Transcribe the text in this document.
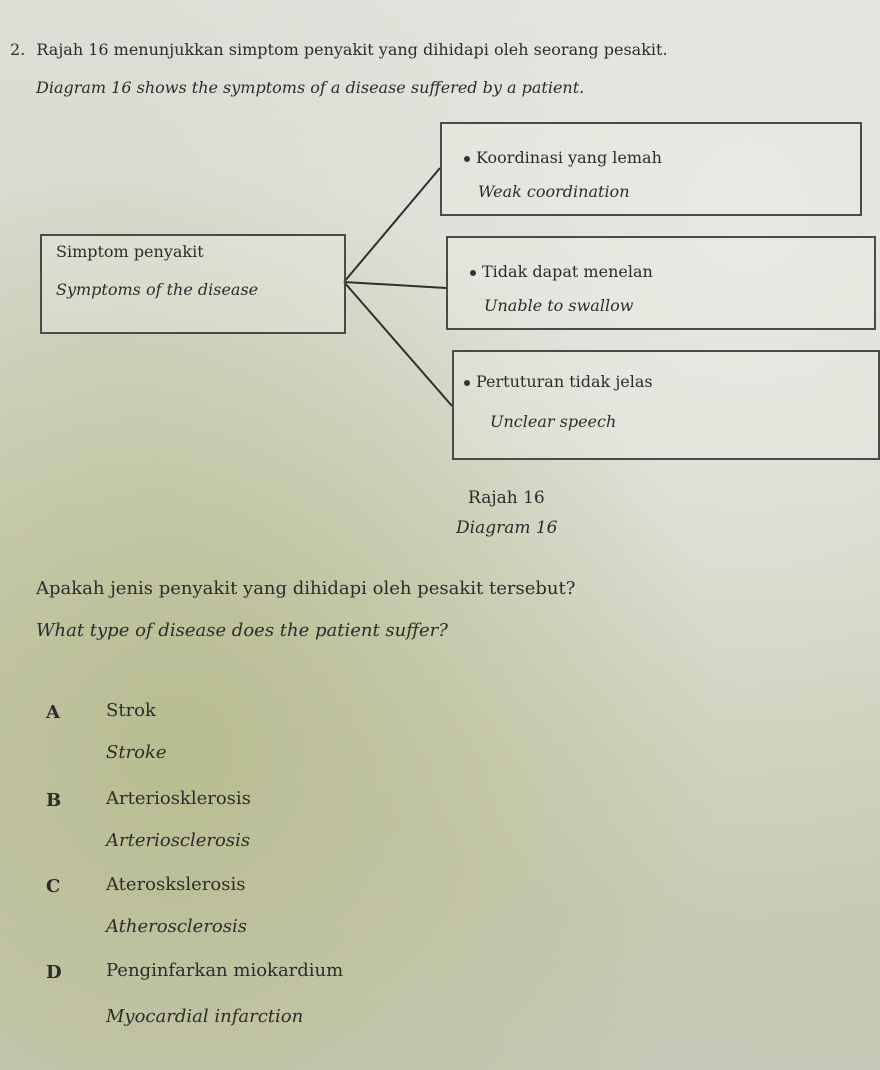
2. Rajah 16 menunjukkan simptom penyakit yang dihidapi oleh seorang pesakit.
Diagram 16 shows the symptoms of a disease suffered by a patient.
Simptom penyakit
Symptoms of the disease
Koordinasi yang lemah
Weak coordination
Tidak dapat menelan
Unable to swallow
Pertuturan tidak jelas
Unclear speech
Rajah 16
Diagram 16
Apakah jenis penyakit yang dihidapi oleh pesakit tersebut?
What type of disease does the patient suffer?
A	Strok
Stroke
B Arteriosklerosis
Arteriosclerosis
C	Ateroskslerosis
Atherosclerosis
D Penginfarkan miokardium
Myocardial infarction
